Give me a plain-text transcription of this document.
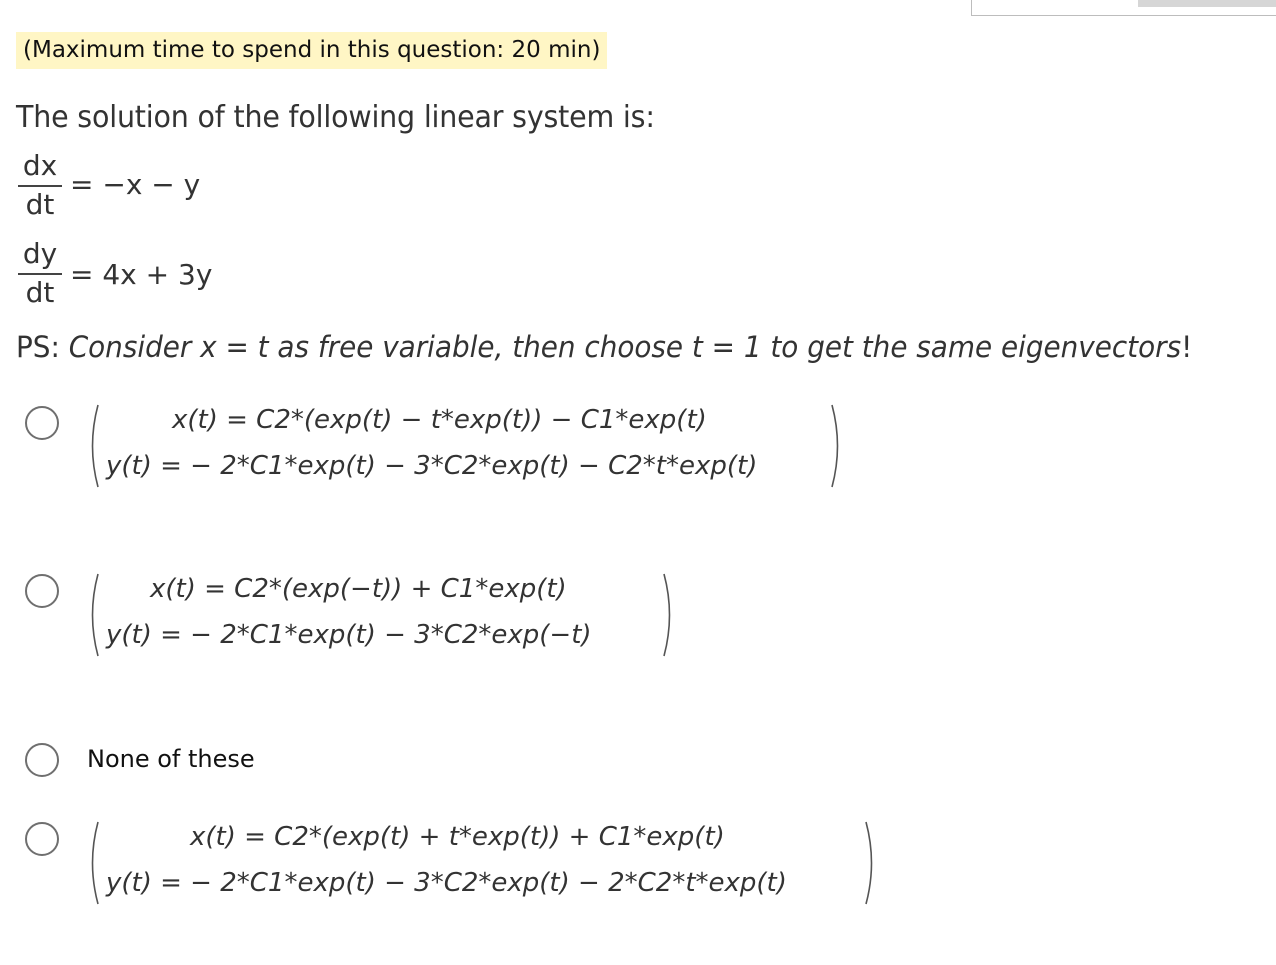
(Maximum time to spend in this question: 20 min)
The solution of the following linear system is:
dx
dt
= −x − y
dy
dt
= 4x + 3y
PS: Consider x = t as free variable, then choose t = 1 to get the same eigenvectors!
x(t) = C2*(exp(t) − t*exp(t)) − C1*exp(t)
y(t) = − 2*C1*exp(t) − 3*C2*exp(t) − C2*t*exp(t)
x(t) = C2*(exp(−t)) + C1*exp(t)
y(t) = − 2*C1*exp(t) − 3*C2*exp(−t)
None of these
x(t) = C2*(exp(t) + t*exp(t)) + C1*exp(t)
y(t) = − 2*C1*exp(t) − 3*C2*exp(t) − 2*C2*t*exp(t)
